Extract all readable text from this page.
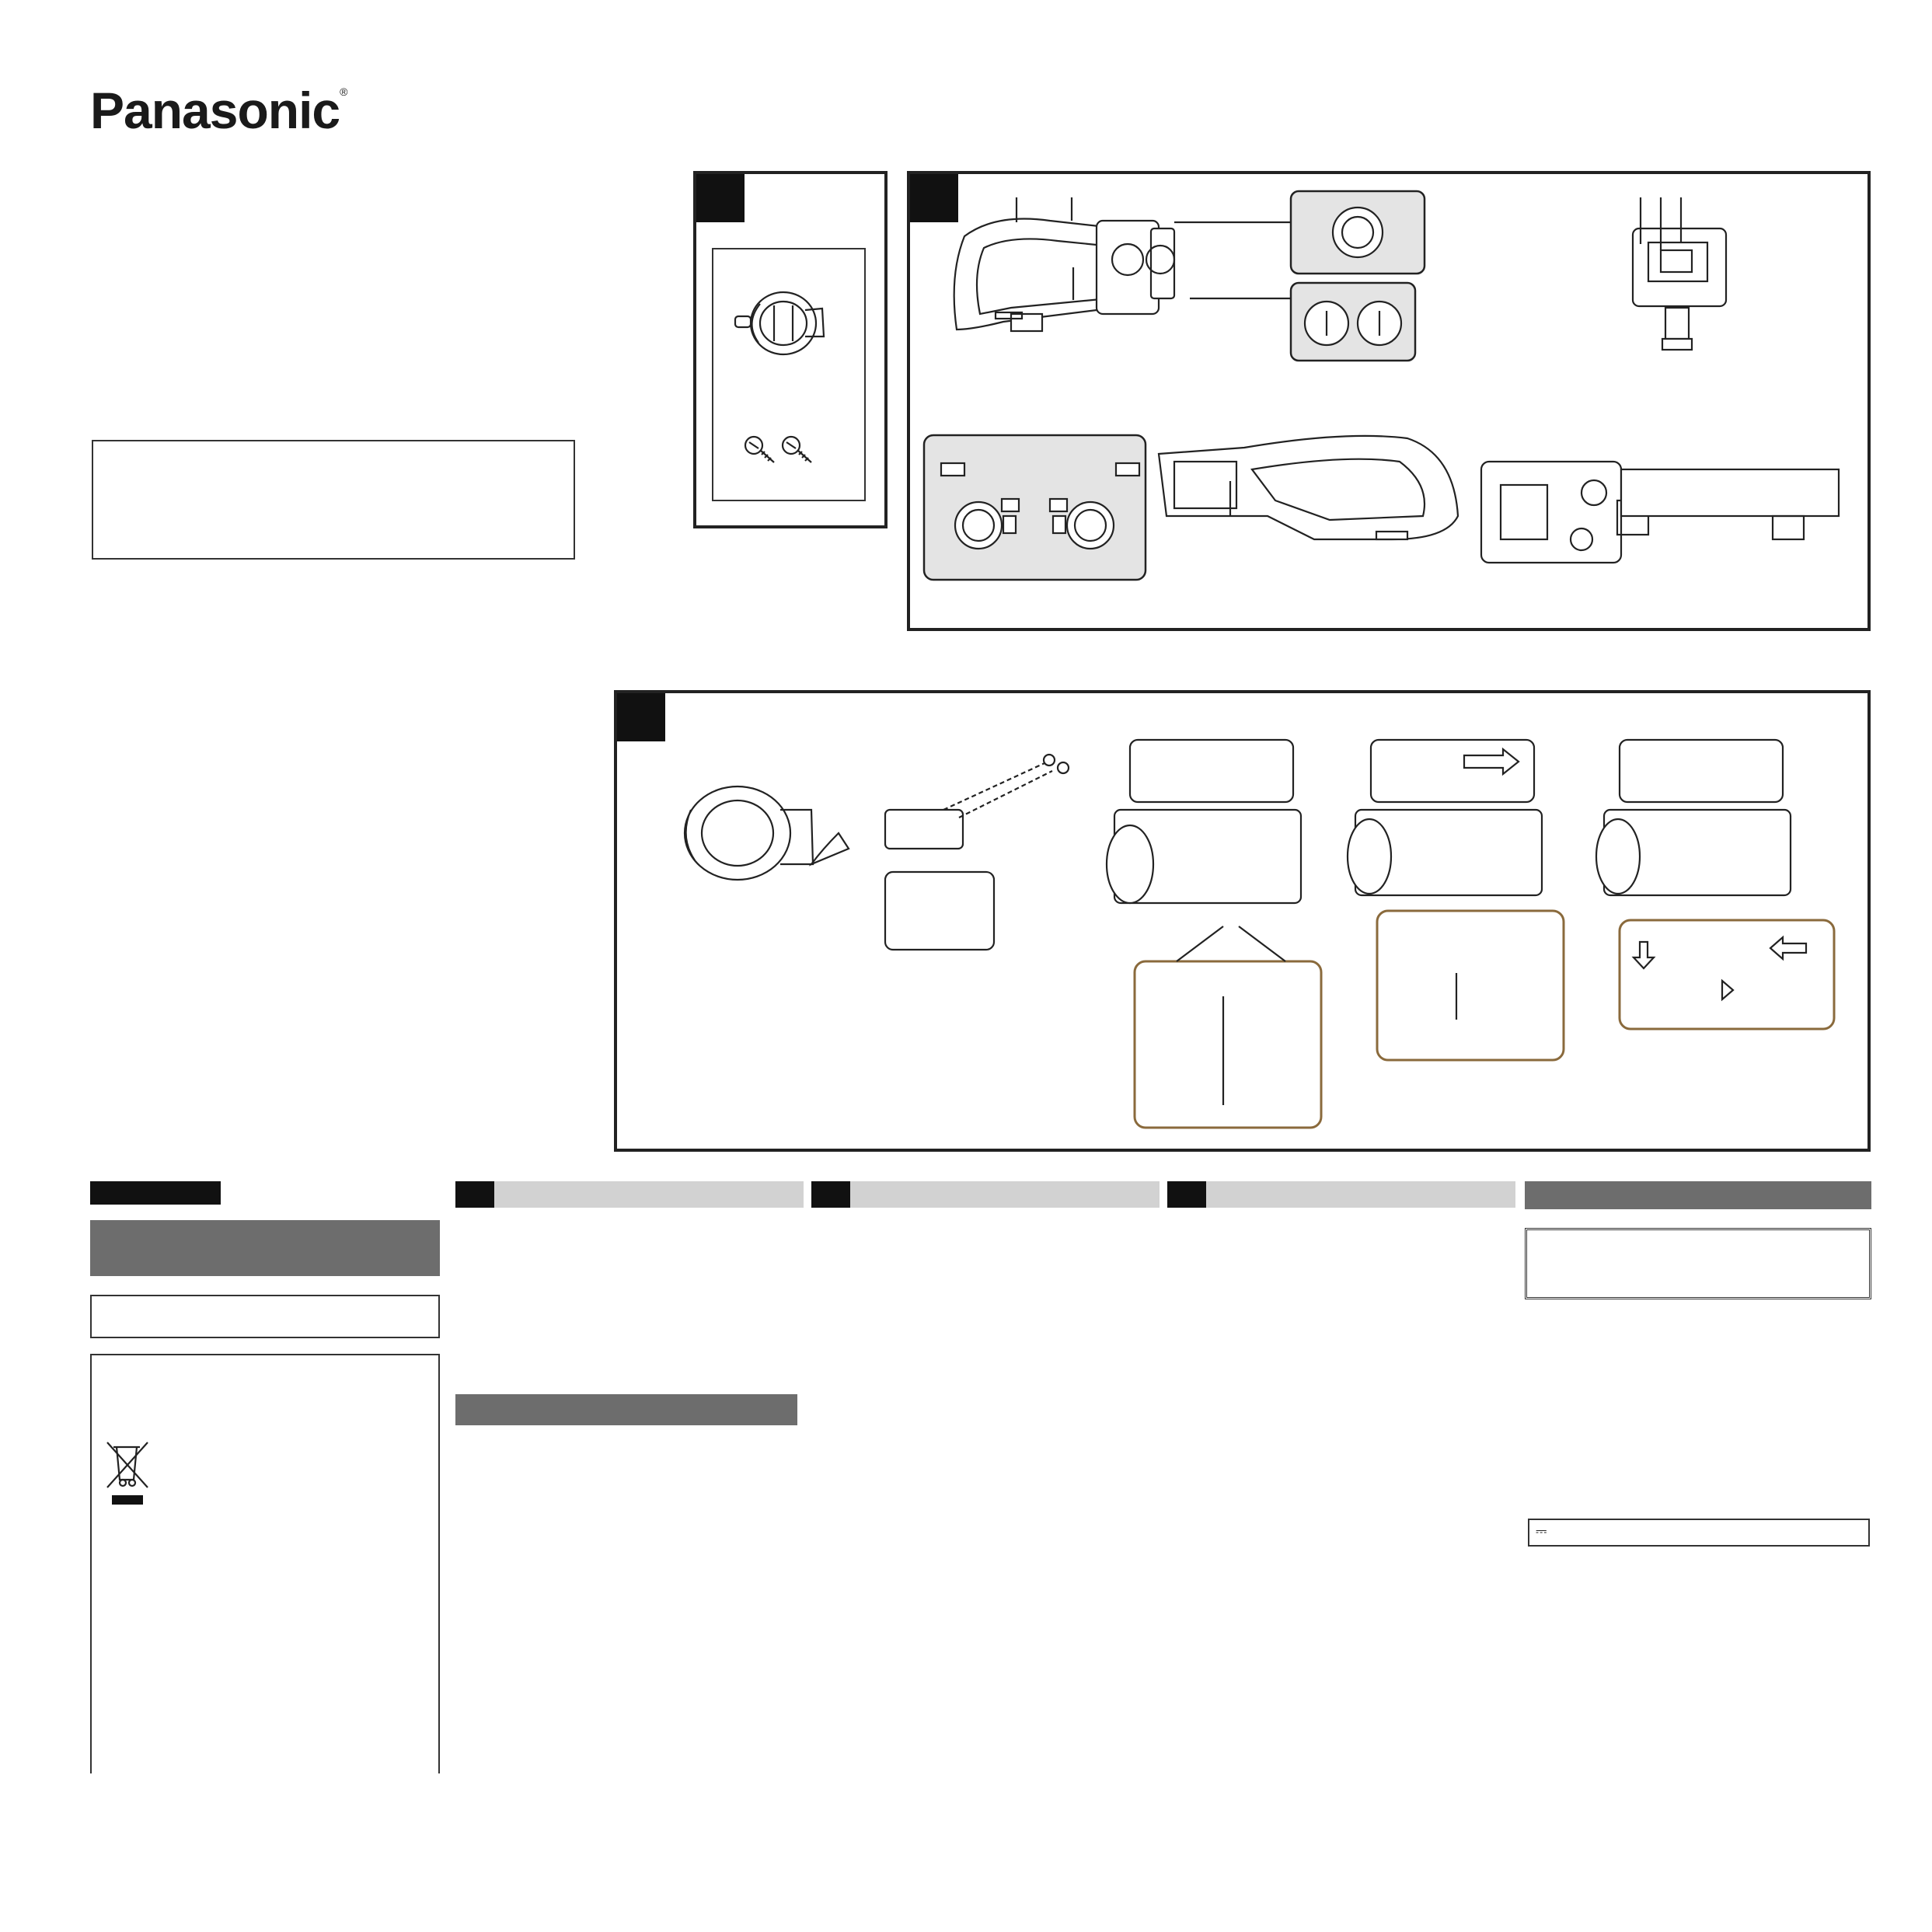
Panasonic®
⎓
